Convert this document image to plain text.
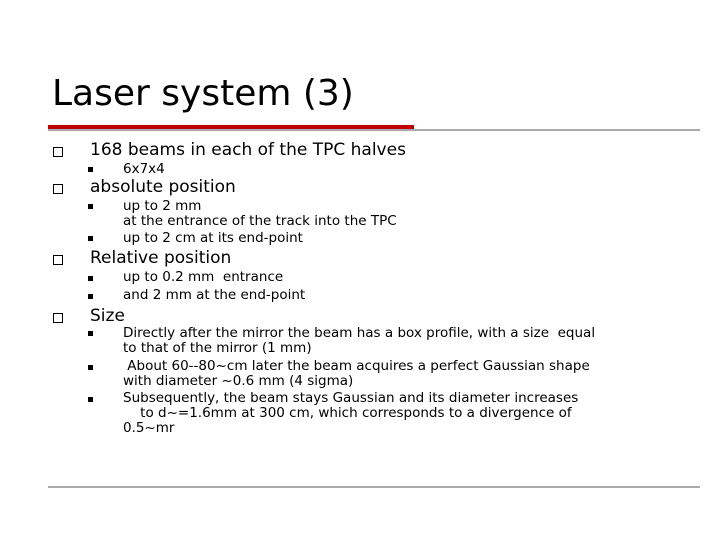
Laser system (3)
168 beams in each of the TPC halves
6x7x4
absolute position
up to 2 mm
at the entrance of the track into the TPC
up to 2 cm at its end-point
Relative position
up to 0.2 mm  entrance
and 2 mm at the end-point
Size
Directly after the mirror the beam has a box profile, with a size  equal
to that of the mirror (1 mm)
About 60--80~cm later the beam acquires a perfect Gaussian shape
with diameter ~0.6 mm (4 sigma)
Subsequently, the beam stays Gaussian and its diameter increases
to d~=1.6mm at 300 cm, which corresponds to a divergence of
0.5~mr
